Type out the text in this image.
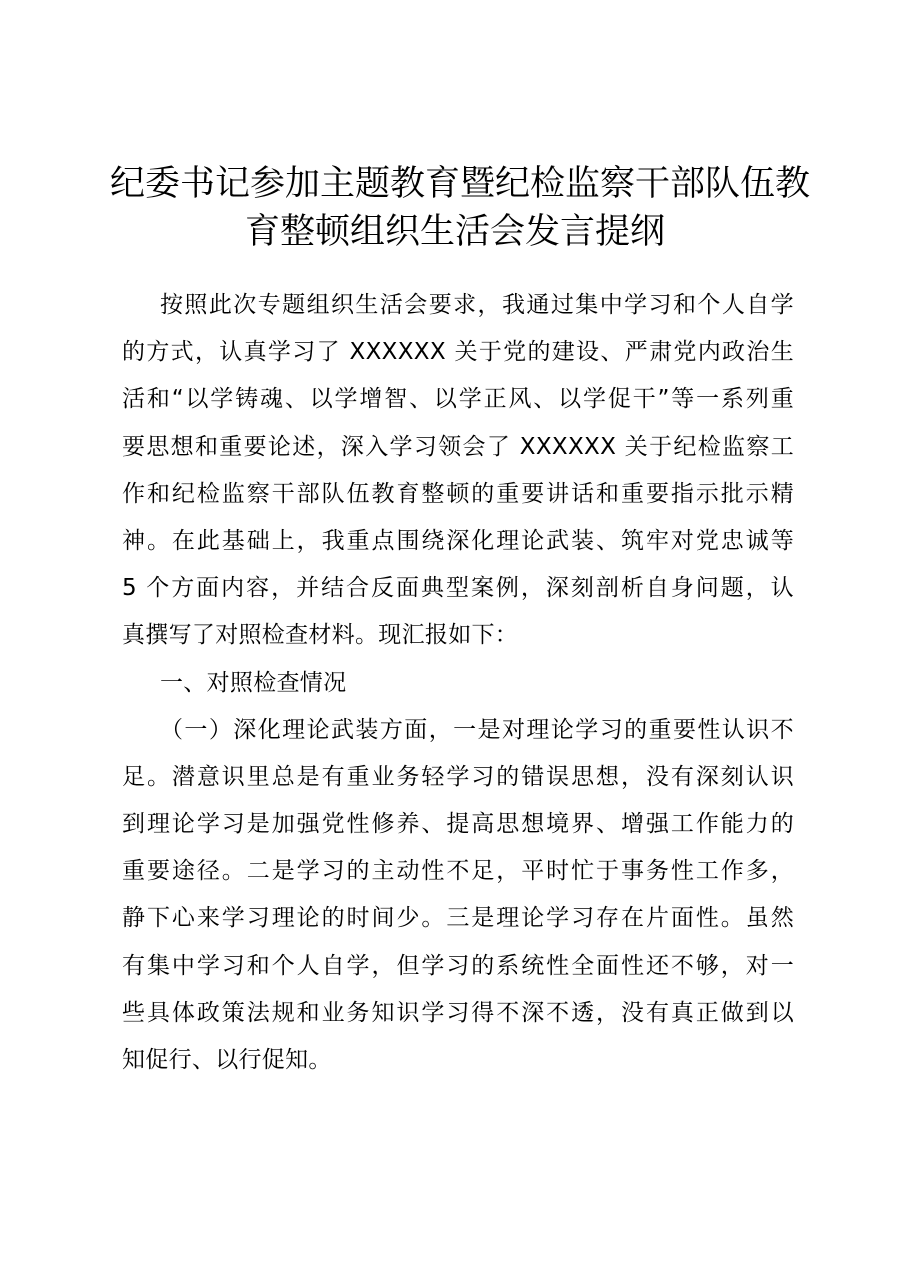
纪委书记参加主题教育暨纪检监察干部队伍教
育整顿组织生活会发言提纲
按照此次专题组织生活会要求，我通过集中学习和个人自学
的方式，认真学习了 XXXXXX 关于党的建设、严肃党内政治生
活和“以学铸魂、以学增智、以学正风、以学促干”等一系列重
要思想和重要论述，深入学习领会了 XXXXXX 关于纪检监察工
作和纪检监察干部队伍教育整顿的重要讲话和重要指示批示精
神。在此基础上，我重点围绕深化理论武装、筑牢对党忠诚等
5 个方面内容，并结合反面典型案例，深刻剖析自身问题，认
真撰写了对照检查材料。现汇报如下：
一、对照检查情况
（一）深化理论武装方面，一是对理论学习的重要性认识不
足。潜意识里总是有重业务轻学习的错误思想，没有深刻认识
到理论学习是加强党性修养、提高思想境界、增强工作能力的
重要途径。二是学习的主动性不足，平时忙于事务性工作多，
静下心来学习理论的时间少。三是理论学习存在片面性。虽然
有集中学习和个人自学，但学习的系统性全面性还不够，对一
些具体政策法规和业务知识学习得不深不透，没有真正做到以
知促行、以行促知。
